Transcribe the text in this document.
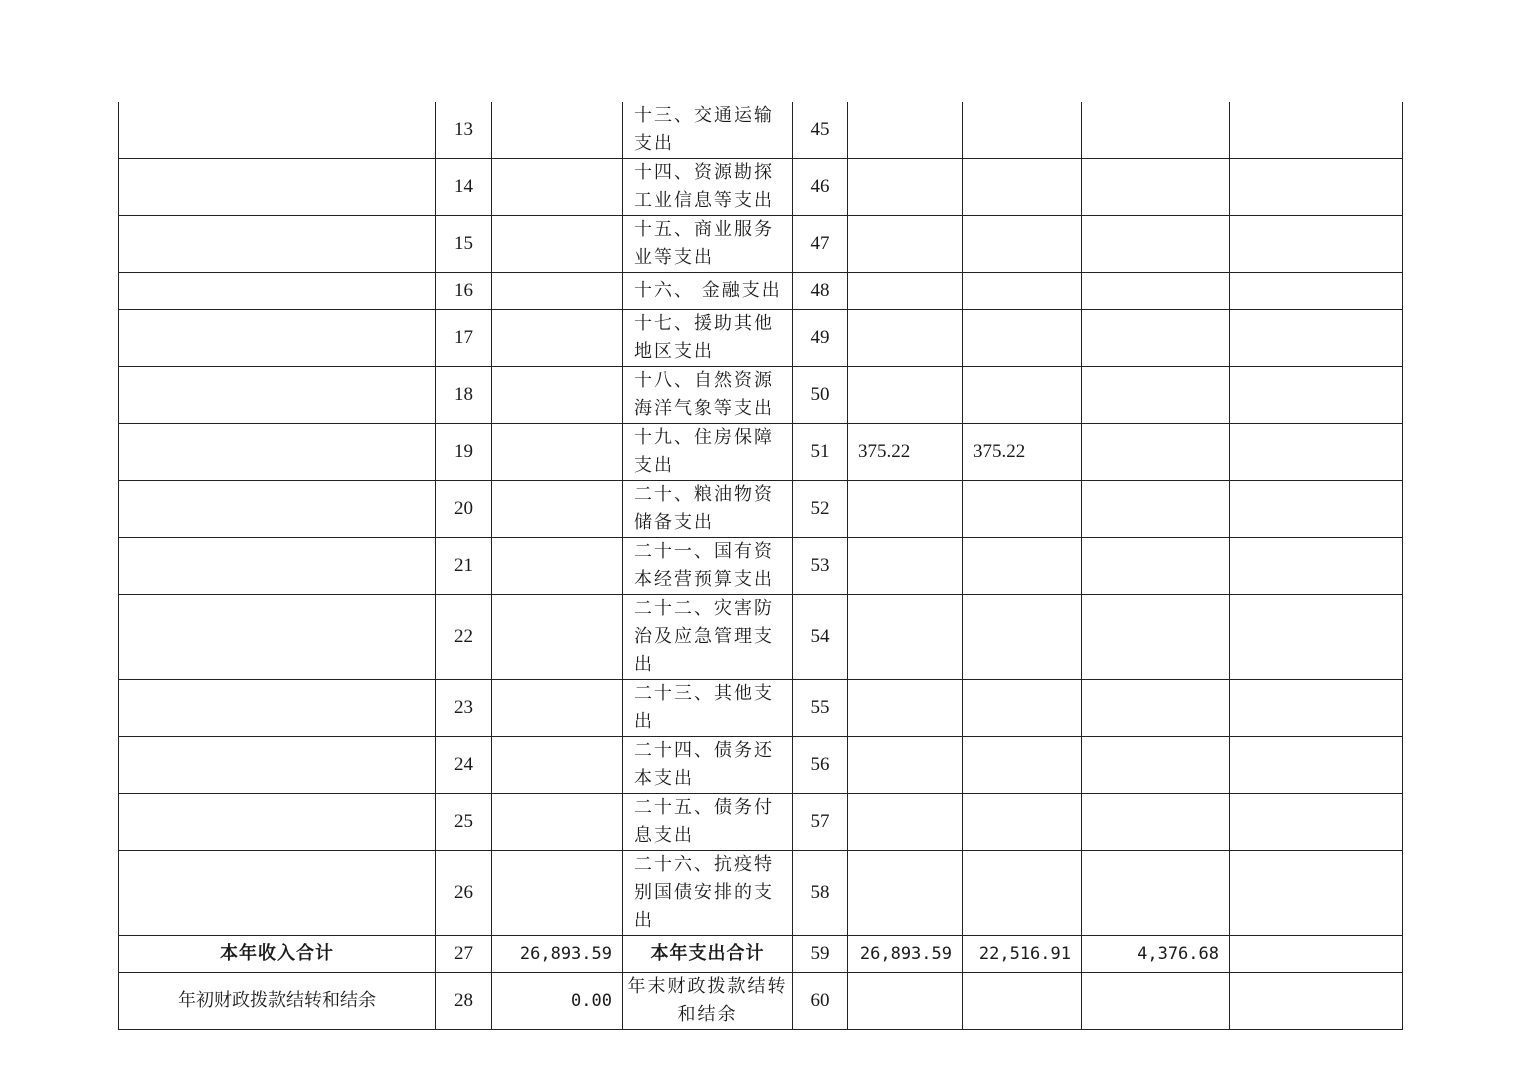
	13		十三、交通运输支出	45				
	14		十四、资源勘探工业信息等支出	46				
	15		十五、商业服务业等支出	47				
	16		十六、 金融支出	48				
	17		十七、援助其他地区支出	49				
	18		十八、自然资源海洋气象等支出	50				
	19		十九、住房保障支出	51	375.22	375.22		
	20		二十、粮油物资储备支出	52				
	21		二十一、国有资本经营预算支出	53				
	22		二十二、灾害防治及应急管理支出	54				
	23		二十三、其他支出	55				
	24		二十四、债务还本支出	56				
	25		二十五、债务付息支出	57				
	26		二十六、抗疫特别国债安排的支出	58				
本年收入合计	27	26,893.59	本年支出合计	59	26,893.59	22,516.91	4,376.68	
年初财政拨款结转和结余	28	0.00	年末财政拨款结转和结余	60				
